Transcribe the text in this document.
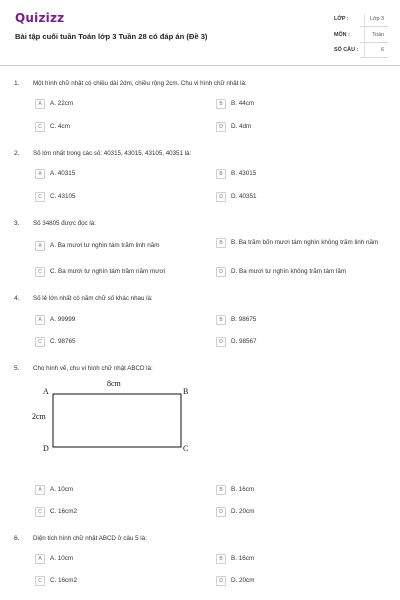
Quizizz
Bài tập cuối tuần Toán lớp 3 Tuần 28 có đáp án (Đề 3)
LỚP :	Lớp 3
MÔN :	Toán
SỐ CÂU :	6
1. Một hình chữ nhật có chiều dài 2dm, chiều rộng 2cm. Chu vi hình chữ nhật là:
A	A. 22cm	B	B. 44cm
C	C. 4cm	D	D. 4dm
2. Số lớn nhất trong các số: 40315, 43015, 43105, 40351 là:
A	A. 40315	B	B. 43015
C	C. 43105	D	D. 40351
3. Số 34805 được đọc là:
A	A. Ba mươi tư nghìn tám trăm linh năm	B	B. Ba trăm bốn mươi tám nghìn không trăm linh năm
C	C. Ba mươi tư nghìn tám trăm năm mươi	D	D. Ba mươi tư nghìn không trăm tám lăm
4. Số lẻ lớn nhất có năm chữ số khác nhau là:
A	A. 99999	B	B. 98675
C	C. 98765	D	D. 98567
5. Cho hình vẽ, chu vi hình chữ nhật ABCD là:
A	B
C
D
8cm
2cm
A	A. 10cm	B	B. 16cm
C	C. 16cm2	D	D. 20cm
6. Diện tích hình chữ nhật ABCD ở câu 5 là:
A	A. 10cm	B	B. 16cm
C	C. 16cm2	D	D. 20cm
